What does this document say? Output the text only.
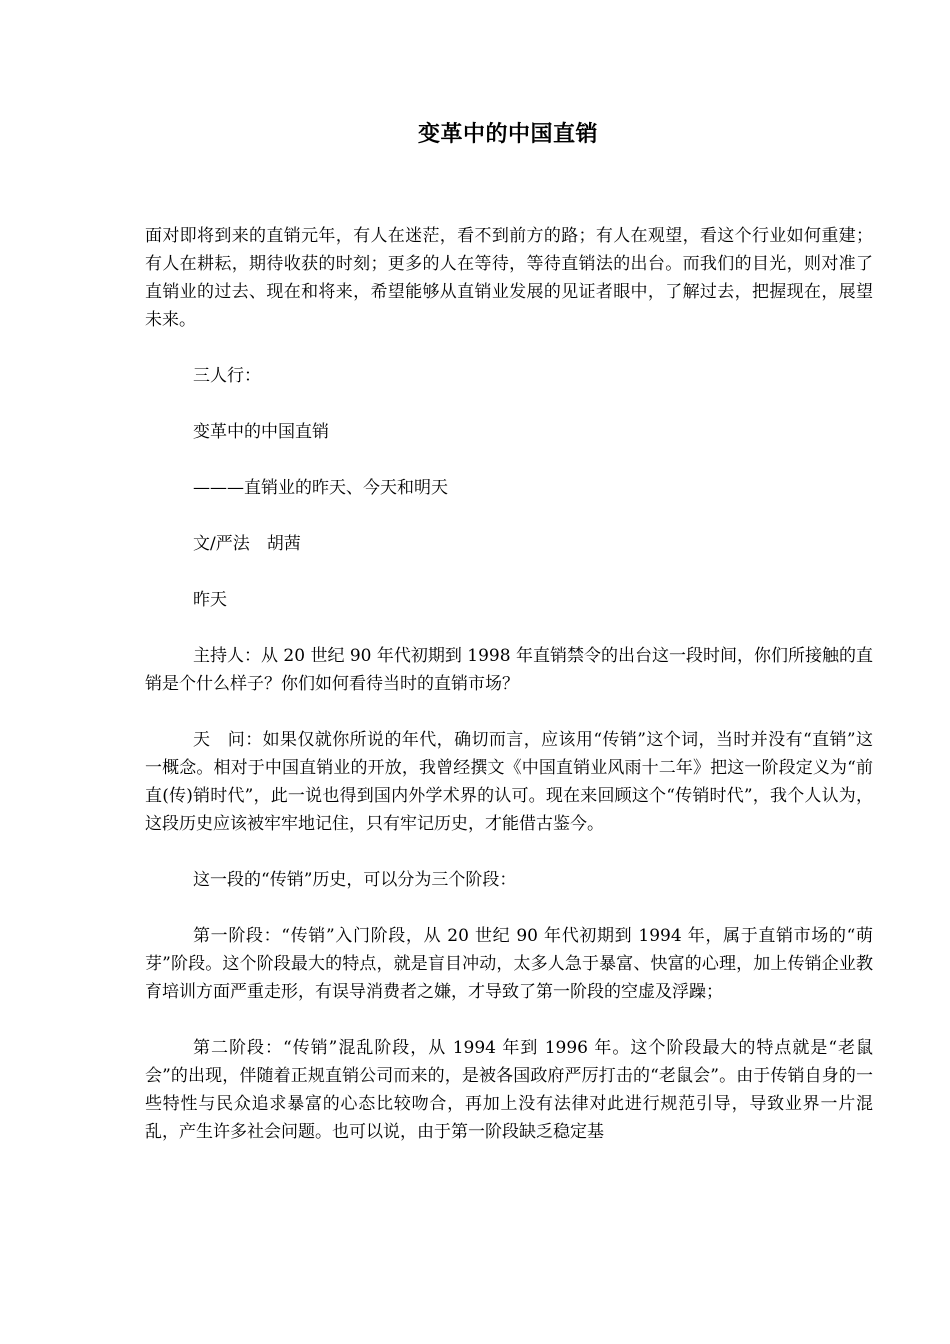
变革中的中国直销

面对即将到来的直销元年，有人在迷茫，看不到前方的路；有人在观望，看这个行业如何重建；有人在耕耘，期待收获的时刻；更多的人在等待，等待直销法的出台。而我们的目光，则对准了直销业的过去、现在和将来，希望能够从直销业发展的见证者眼中，了解过去，把握现在，展望未来。

三人行：

变革中的中国直销

———直销业的昨天、今天和明天

文/严法　胡茜

昨天

主持人：从 20 世纪 90 年代初期到 1998 年直销禁令的出台这一段时间，你们所接触的直销是个什么样子？你们如何看待当时的直销市场？

天　问：如果仅就你所说的年代，确切而言，应该用“传销”这个词，当时并没有“直销”这一概念。相对于中国直销业的开放，我曾经撰文《中国直销业风雨十二年》把这一阶段定义为“前直(传)销时代”，此一说也得到国内外学术界的认可。现在来回顾这个“传销时代”，我个人认为，这段历史应该被牢牢地记住，只有牢记历史，才能借古鉴今。

这一段的“传销”历史，可以分为三个阶段：

第一阶段：“传销”入门阶段，从 20 世纪 90 年代初期到 1994 年，属于直销市场的“萌芽”阶段。这个阶段最大的特点，就是盲目冲动，太多人急于暴富、快富的心理，加上传销企业教育培训方面严重走形，有误导消费者之嫌，才导致了第一阶段的空虚及浮躁；

第二阶段：“传销”混乱阶段，从 1994 年到 1996 年。这个阶段最大的特点就是“老鼠会”的出现，伴随着正规直销公司而来的，是被各国政府严厉打击的“老鼠会”。由于传销自身的一些特性与民众追求暴富的心态比较吻合，再加上没有法律对此进行规范引导，导致业界一片混乱，产生许多社会问题。也可以说，由于第一阶段缺乏稳定基
